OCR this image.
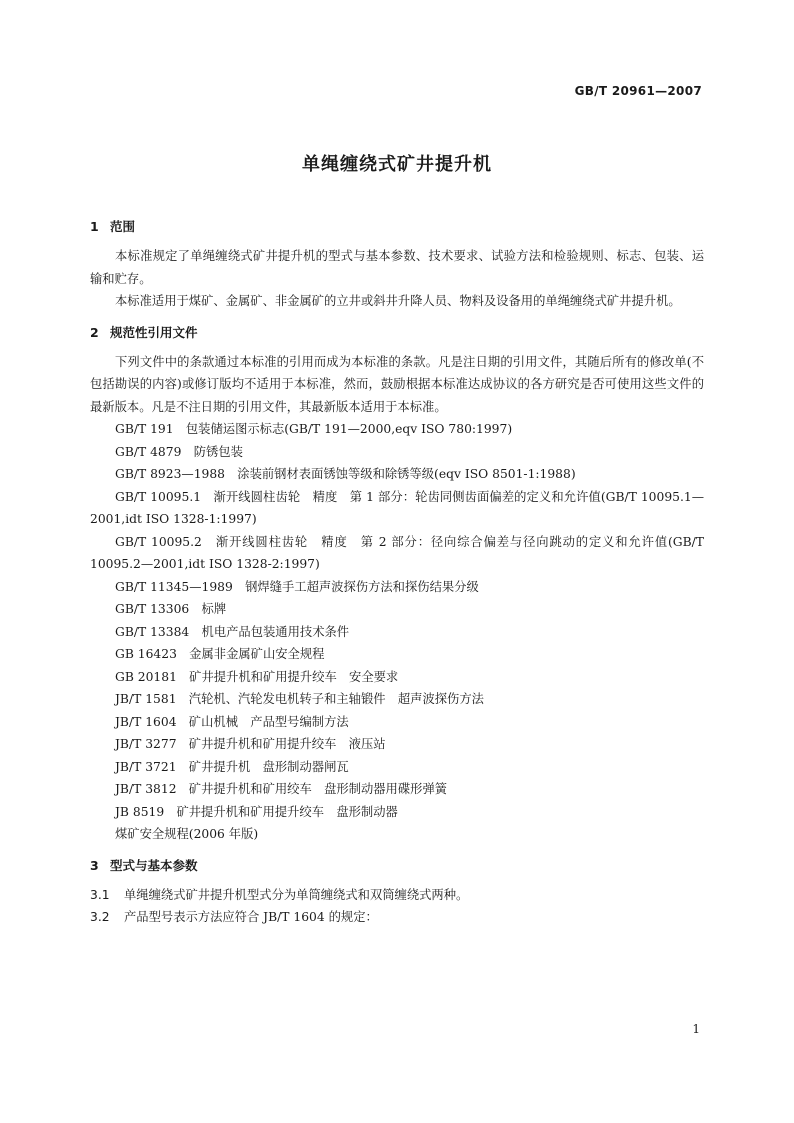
GB/T 20961—2007
单绳缠绕式矿井提升机
1 范围

本标准规定了单绳缠绕式矿井提升机的型式与基本参数、技术要求、试验方法和检验规则、标志、包装、运输和贮存。

本标准适用于煤矿、金属矿、非金属矿的立井或斜井升降人员、物料及设备用的单绳缠绕式矿井提升机。

2 规范性引用文件

下列文件中的条款通过本标准的引用而成为本标准的条款。凡是注日期的引用文件，其随后所有的修改单(不包括勘误的内容)或修订版均不适用于本标准，然而，鼓励根据本标准达成协议的各方研究是否可使用这些文件的最新版本。凡是不注日期的引用文件，其最新版本适用于本标准。

GB/T 191　包装储运图示标志(GB/T 191—2000,eqv ISO 780:1997)

GB/T 4879　防锈包装

GB/T 8923—1988　涂装前钢材表面锈蚀等级和除锈等级(eqv ISO 8501-1:1988)

GB/T 10095.1　渐开线圆柱齿轮　精度　第 1 部分：轮齿同侧齿面偏差的定义和允许值(GB/T 10095.1—2001,idt ISO 1328-1:1997)

GB/T 10095.2　渐开线圆柱齿轮　精度　第 2 部分：径向综合偏差与径向跳动的定义和允许值(GB/T 10095.2—2001,idt ISO 1328-2:1997)

GB/T 11345—1989　钢焊缝手工超声波探伤方法和探伤结果分级

GB/T 13306　标牌

GB/T 13384　机电产品包装通用技术条件

GB 16423　金属非金属矿山安全规程

GB 20181　矿井提升机和矿用提升绞车　安全要求

JB/T 1581　汽轮机、汽轮发电机转子和主轴锻件　超声波探伤方法

JB/T 1604　矿山机械　产品型号编制方法

JB/T 3277　矿井提升机和矿用提升绞车　液压站

JB/T 3721　矿井提升机　盘形制动器闸瓦

JB/T 3812　矿井提升机和矿用绞车　盘形制动器用碟形弹簧

JB 8519　矿井提升机和矿用提升绞车　盘形制动器

煤矿安全规程(2006 年版)

3 型式与基本参数

3.1 单绳缠绕式矿井提升机型式分为单筒缠绕式和双筒缠绕式两种。

3.2 产品型号表示方法应符合 JB/T 1604 的规定：

1
